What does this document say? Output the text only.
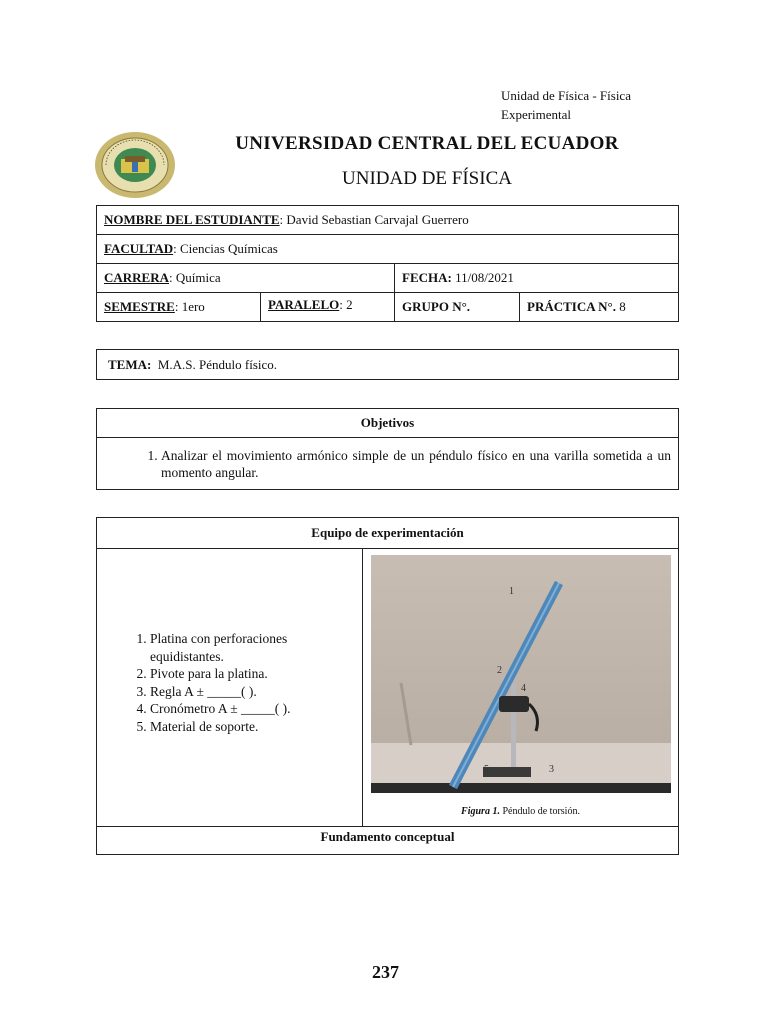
Unidad de Física - Física Experimental
UNIVERSIDAD CENTRAL DEL ECUADOR
UNIDAD DE FÍSICA
NOMBRE DEL ESTUDIANTE: David Sebastian Carvajal Guerrero			
FACULTAD: Ciencias Químicas			
CARRERA: Química		FECHA: 11/08/2021	
SEMESTRE: 1ero	PARALELO: 2	GRUPO N°.	PRÁCTICA N°. 8
TEMA: M.A.S. Péndulo físico.
Objetivos

1. Analizar el movimiento armónico simple de un péndulo físico en una varilla sometida a un momento angular.
Equipo de experimentación

1. Platina con perforaciones equidistantes.
2. Pivote para la platina.
3. Regla A ± _____( ).
4. Cronómetro A ± _____( ).
5. Material de soporte.

1
2
3
4
5
Figura 1. Péndulo de torsión.

Fundamento conceptual
237
